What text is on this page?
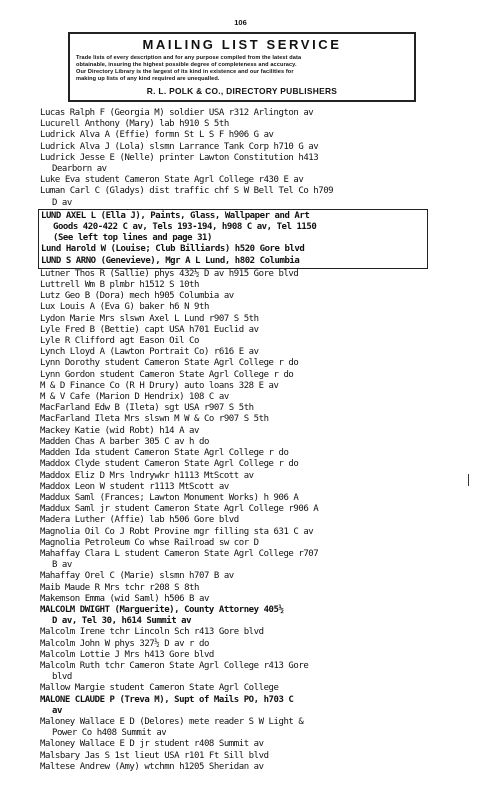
106
MAILING LIST SERVICE
Trade lists of every description and for any purpose compiled from the latest data
obtainable, insuring the highest possible degree of completeness and accuracy.
Our Directory Library is the largest of its kind in existence and our facilities for
making up lists of any kind required are unequalled.
R. L. POLK & CO., DIRECTORY PUBLISHERS
Lucas Ralph F (Georgia M) soldier USA r312 Arlington av
Lucurell Anthony (Mary) lab h910 S 5th
Ludrick Alva A (Effie) formn St L S F h906 G av
Ludrick Alva J (Lola) slsmn Larrance Tank Corp h710 G av
Ludrick Jesse E (Nelle) printer Lawton Constitution h413
Dearborn av
Luke Eva student Cameron State Agrl College r430 E av
Luman Carl C (Gladys) dist traffic chf S W Bell Tel Co h709
D av
LUND AXEL L (Ella J), Paints, Glass, Wallpaper and Art
Goods 420-422 C av, Tels 193-194, h908 C av, Tel 1150
(See left top lines and page 31)
Lund Harold W (Louise; Club Billiards) h520 Gore blvd
LUND S ARNO (Genevieve), Mgr A L Lund, h802 Columbia
Lutner Thos R (Sallie) phys 432½ D av h915 Gore blvd
Luttrell Wm B plmbr h1512 S 10th
Lutz Geo B (Dora) mech h905 Columbia av
Lux Louis A (Eva G) baker h6 N 9th
Lydon Marie Mrs slswn Axel L Lund r907 S 5th
Lyle Fred B (Bettie) capt USA h701 Euclid av
Lyle R Clifford agt Eason Oil Co
Lynch Lloyd A (Lawton Portrait Co) r616 E av
Lynn Dorothy student Cameron State Agrl College r do
Lynn Gordon student Cameron State Agrl College r do
M & D Finance Co (R H Drury) auto loans 328 E av
M & V Cafe (Marion D Hendrix) 108 C av
MacFarland Edw B (Ileta) sgt USA r907 S 5th
MacFarland Ileta Mrs slswn M W & Co r907 S 5th
Mackey Katie (wid Robt) h14 A av
Madden Chas A barber 305 C av h do
Madden Ida student Cameron State Agrl College r do
Maddox Clyde student Cameron State Agrl College r do
Maddox Eliz D Mrs lndrywkr h1113 MtScott av
Maddox Leon W student r1113 MtScott av
Maddux Saml (Frances; Lawton Monument Works) h 906 A
Maddux Saml jr student Cameron State Agrl College r906 A
Madera Luther (Affie) lab h506 Gore blvd
Magnolia Oil Co J Robt Provine mgr filling sta 631 C av
Magnolia Petroleum Co whse Railroad sw cor D
Mahaffay Clara L student Cameron State Agrl College r707
B av
Mahaffay Orel C (Marie) slsmn h707 B av
Maib Maude R Mrs tchr r208 S 8th
Makemson Emma (wid Saml) h506 B av
MALCOLM DWIGHT (Marguerite), County Attorney 405½
D av, Tel 30, h614 Summit av
Malcolm Irene tchr Lincoln Sch r413 Gore blvd
Malcolm John W phys 327½ D av r do
Malcolm Lottie J Mrs h413 Gore blvd
Malcolm Ruth tchr Cameron State Agrl College r413 Gore
blvd
Mallow Margie student Cameron State Agrl College
MALONE CLAUDE P (Treva M), Supt of Mails PO, h703 C
av
Maloney Wallace E D (Delores) mete reader S W Light &
Power Co h408 Summit av
Maloney Wallace E D jr student r408 Summit av
Malsbary Jas S 1st lieut USA r101 Ft Sill blvd
Maltese Andrew (Amy) wtchmn h1205 Sheridan av
